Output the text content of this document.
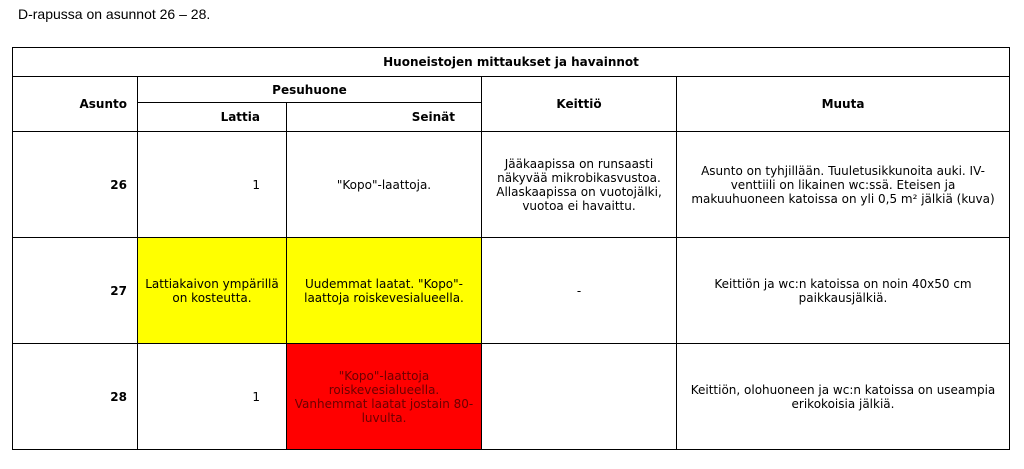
D-rapussa on asunnot 26 – 28.
Huoneistojen mittaukset ja havainnot				
Asunto	Pesuhuone		Keittiö	Muuta
	Lattia	Seinät		
26	1	"Kopo"-laattoja.	Jääkaapissa on runsaasti näkyvää mikrobikasvustoa. Allaskaapissa on vuotojälki, vuotoa ei havaittu.	Asunto on tyhjillään. Tuuletusikkunoita auki. IV-venttiili on likainen wc:ssä. Eteisen ja makuuhuoneen katoissa on yli 0,5 m² jälkiä (kuva)
27	Lattiakaivon ympärillä on kosteutta.	Uudemmat laatat. "Kopo"-laattoja roiskevesialueella.	-	Keittiön ja wc:n katoissa on noin 40x50 cm paikkausjälkiä.
28	1	"Kopo"-laattoja roiskevesialueella. Vanhemmat laatat jostain 80-luvulta.		Keittiön, olohuoneen ja wc:n katoissa on useampia erikokoisia jälkiä.
